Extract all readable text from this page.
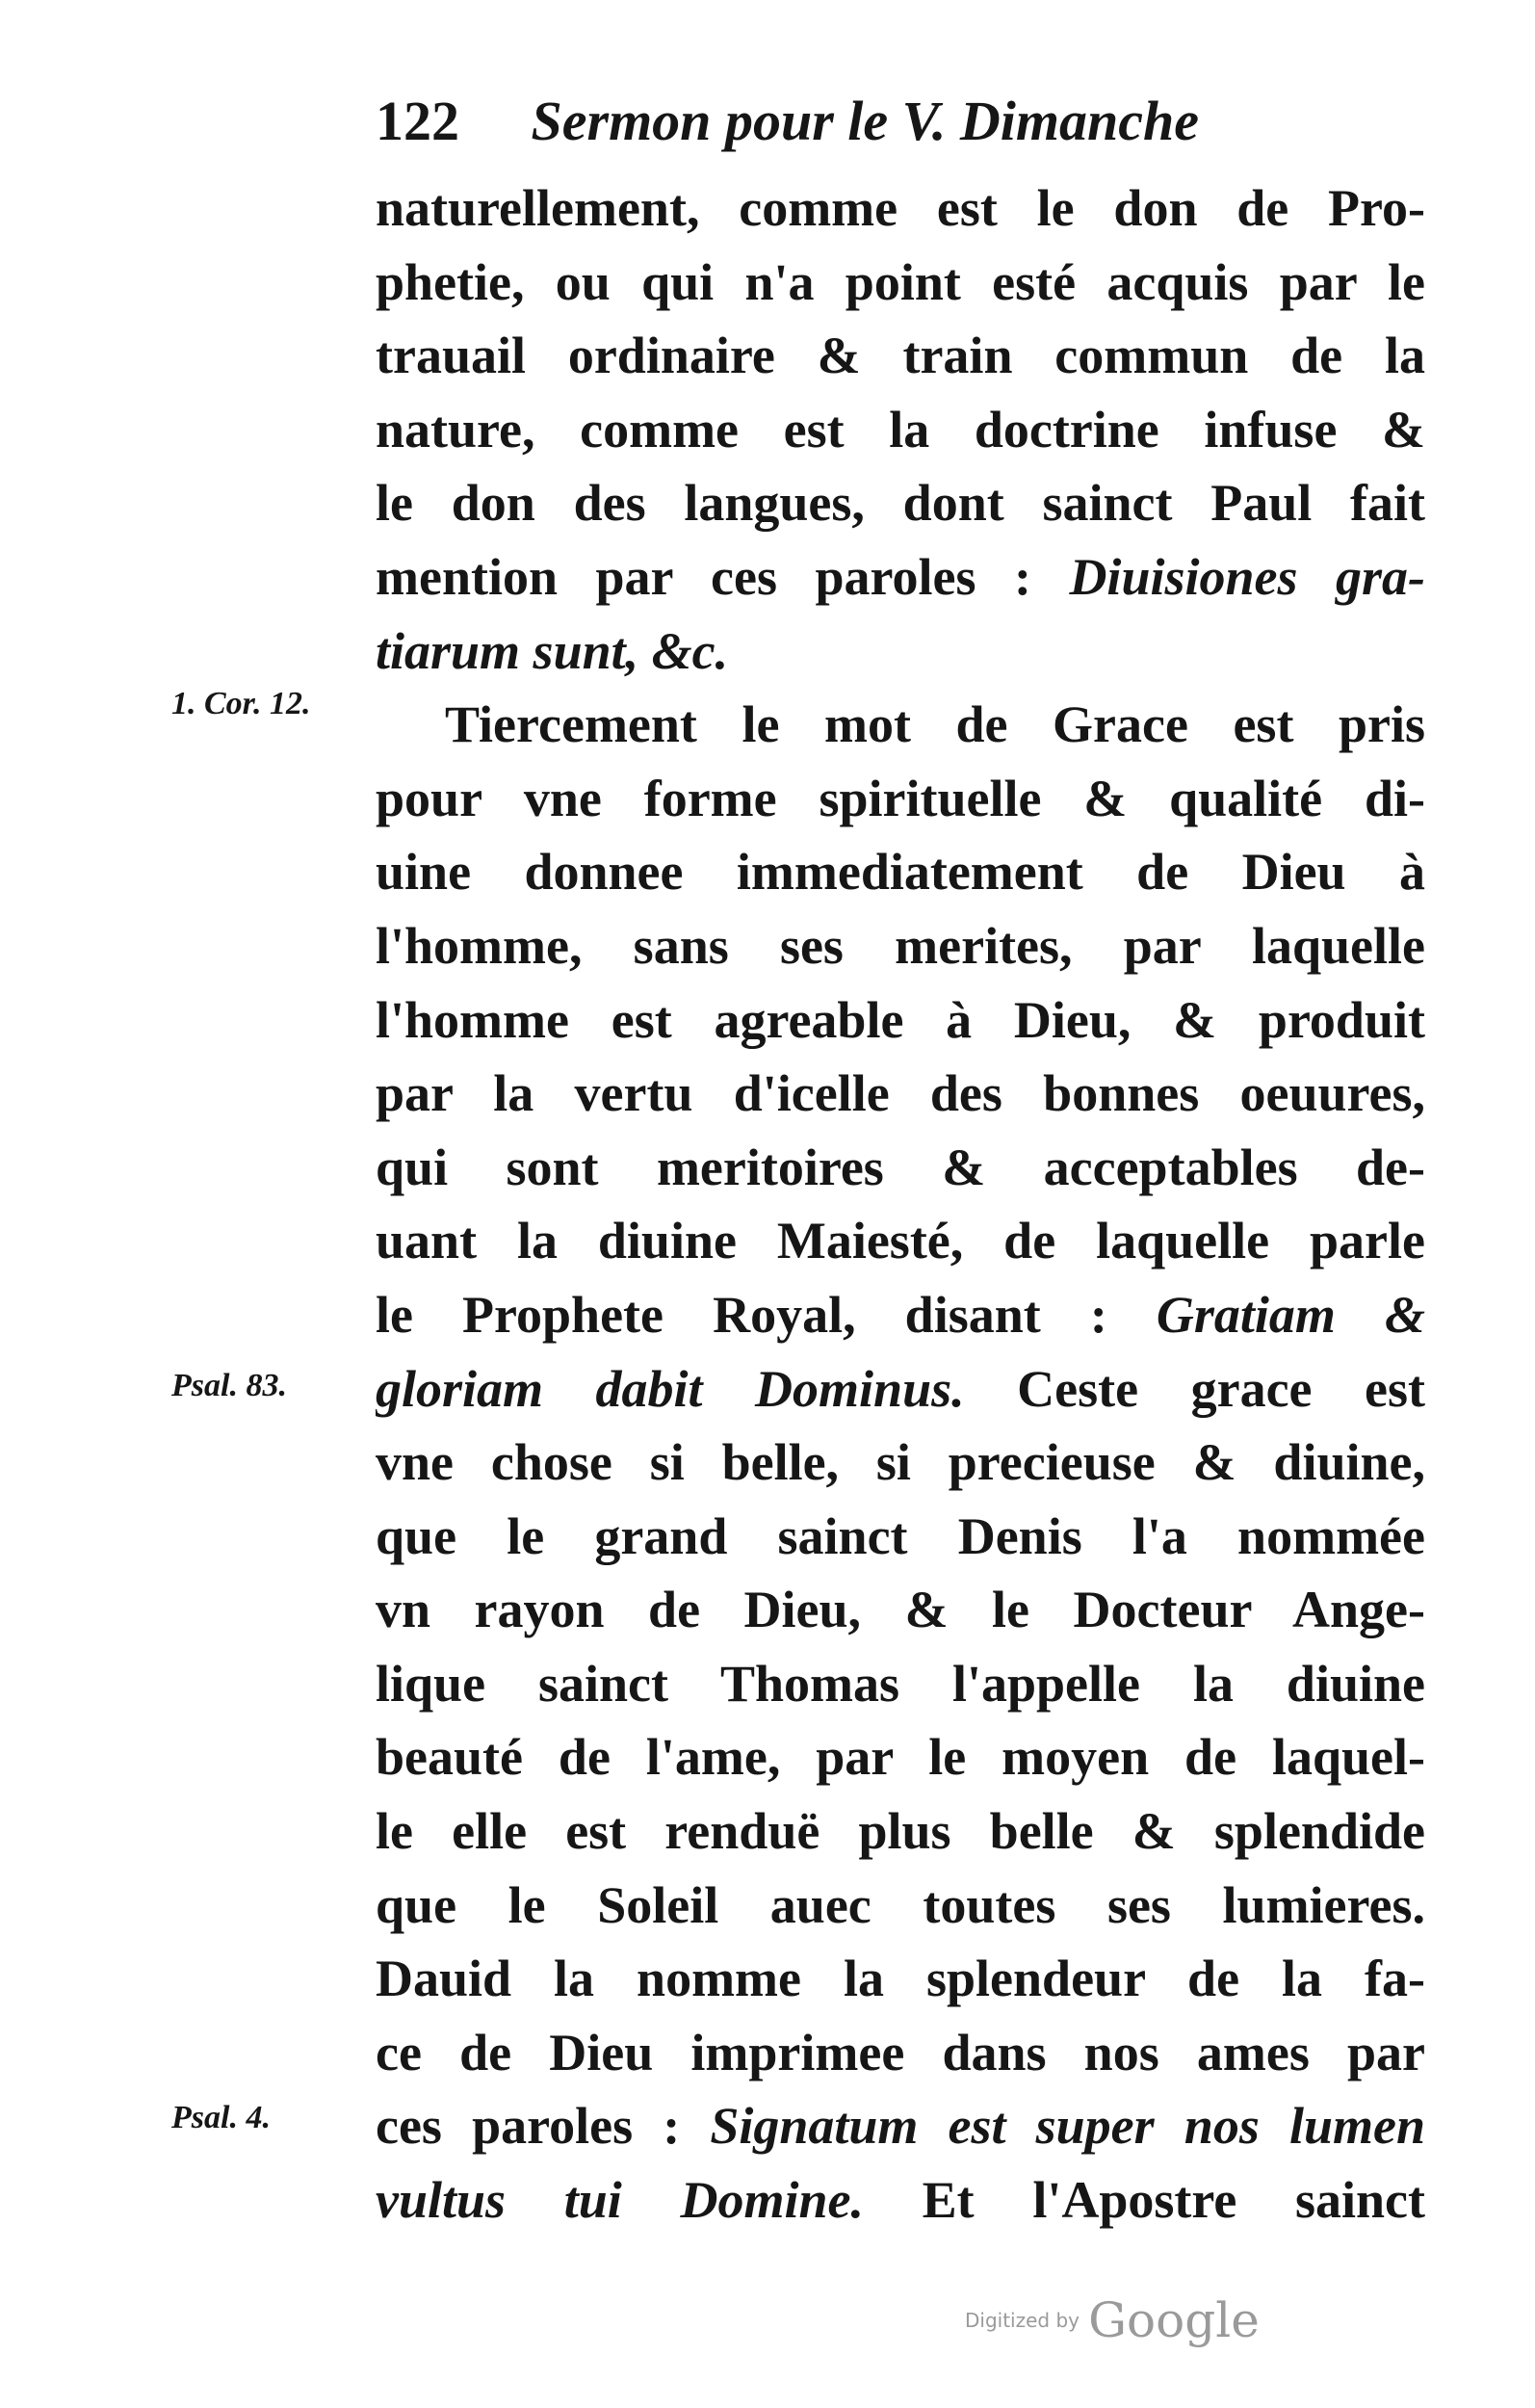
122 Sermon pour le V. Dimanche
1. Cor. 12.
Psal. 83.
Psal. 4.
naturellement, comme est le don de Pro-
phetie, ou qui n'a point esté acquis par le
trauail ordinaire & train commun de la
nature, comme est la doctrine infuse &
le don des langues, dont sainct Paul fait
mention par ces paroles : Diuisiones gra-
tiarum sunt, &c.
Tiercement le mot de Grace est pris
pour vne forme spirituelle & qualité di-
uine donnee immediatement de Dieu à
l'homme, sans ses merites, par laquelle
l'homme est agreable à Dieu, & produit
par la vertu d'icelle des bonnes oeuures,
qui sont meritoires & acceptables de-
uant la diuine Maiesté, de laquelle parle
le Prophete Royal, disant : Gratiam &
gloriam dabit Dominus. Ceste grace est
vne chose si belle, si precieuse & diuine,
que le grand sainct Denis l'a nommée
vn rayon de Dieu, & le Docteur Ange-
lique sainct Thomas l'appelle la diuine
beauté de l'ame, par le moyen de laquel-
le elle est renduë plus belle & splendide
que le Soleil auec toutes ses lumieres.
Dauid la nomme la splendeur de la fa-
ce de Dieu imprimee dans nos ames par
ces paroles : Signatum est super nos lumen
vultus tui Domine. Et l'Apostre sainct
Digitized by Google
